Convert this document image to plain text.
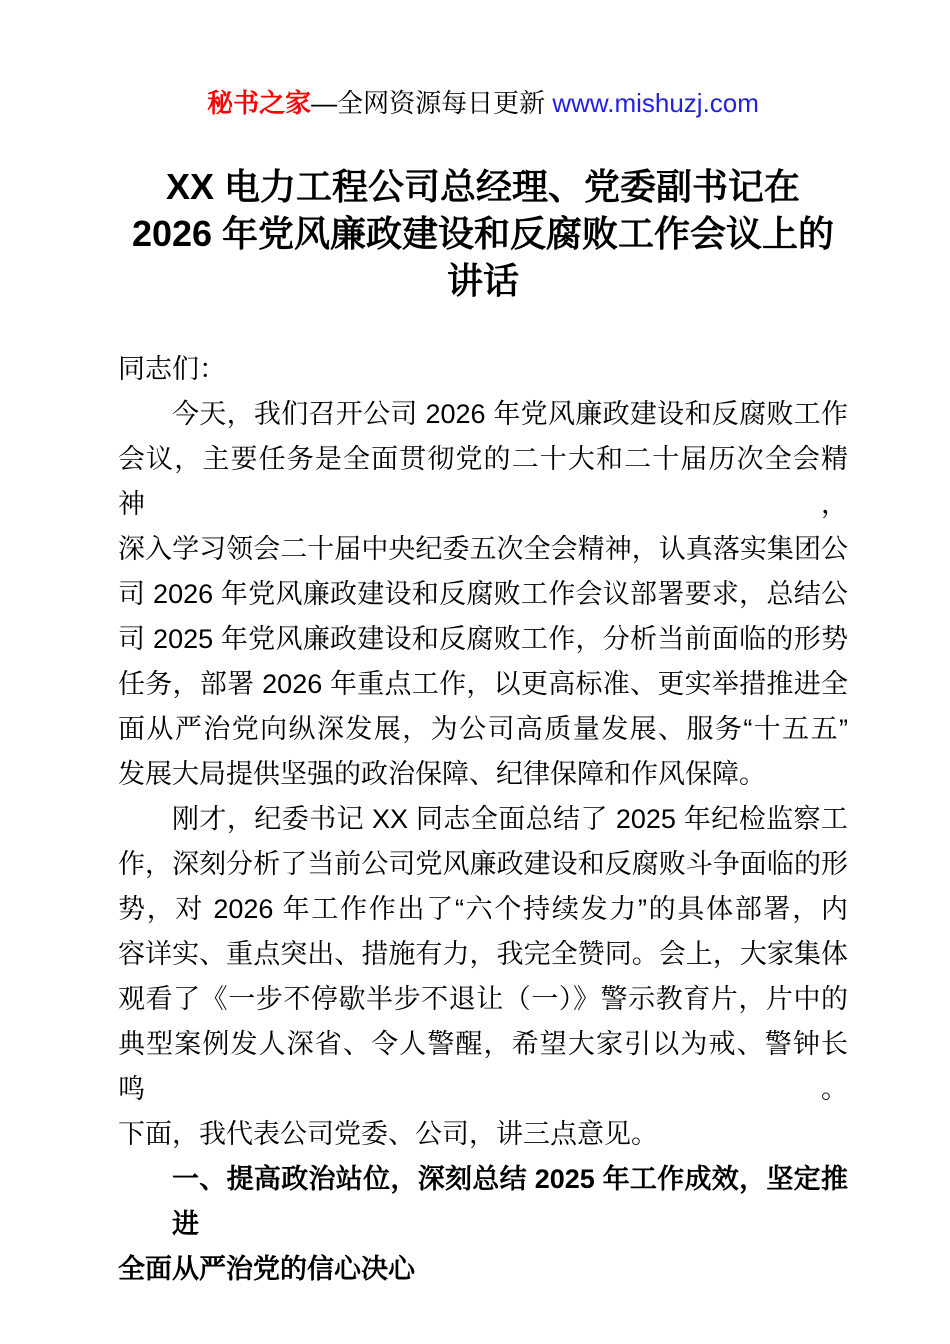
秘书之家—全网资源每日更新 www.mishuzj.com
XX 电力工程公司总经理、党委副书记在
2026 年党风廉政建设和反腐败工作会议上的
讲话
同志们：
今天，我们召开公司 2026 年党风廉政建设和反腐败工作
会议，主要任务是全面贯彻党的二十大和二十届历次全会精神，
深入学习领会二十届中央纪委五次全会精神，认真落实集团公
司 2026 年党风廉政建设和反腐败工作会议部署要求，总结公
司 2025 年党风廉政建设和反腐败工作，分析当前面临的形势
任务，部署 2026 年重点工作，以更高标准、更实举措推进全
面从严治党向纵深发展，为公司高质量发展、服务“十五五”
发展大局提供坚强的政治保障、纪律保障和作风保障。
刚才，纪委书记 XX 同志全面总结了 2025 年纪检监察工
作，深刻分析了当前公司党风廉政建设和反腐败斗争面临的形
势，对 2026 年工作作出了“六个持续发力”的具体部署，内
容详实、重点突出、措施有力，我完全赞同。会上，大家集体
观看了《一步不停歇半步不退让（一）》警示教育片，片中的
典型案例发人深省、令人警醒，希望大家引以为戒、警钟长鸣。
下面，我代表公司党委、公司，讲三点意见。
一、提高政治站位，深刻总结 2025 年工作成效，坚定推进
全面从严治党的信心决心
